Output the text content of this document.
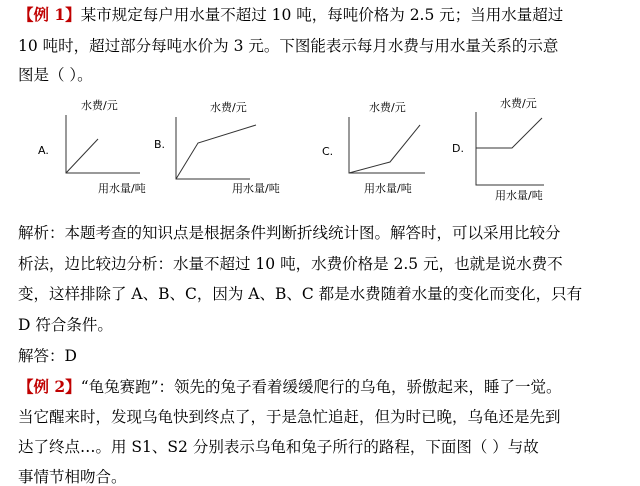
【例 1】某市规定每户用水量不超过 10 吨，每吨价格为 2.5 元；当用水量超过
10 吨时，超过部分每吨水价为 3 元。下图能表示每月水费与用水量关系的示意
图是（ ）。
A.
水费/元
用水量/吨
B.
水费/元
用水量/吨
C.
水费/元
用水量/吨
D.
水费/元
用水量/吨
解析：本题考查的知识点是根据条件判断折线统计图。解答时，可以采用比较分
析法，边比较边分析：水量不超过 10 吨，水费价格是 2.5 元，也就是说水费不
变，这样排除了 A、B、C，因为 A、B、C 都是水费随着水量的变化而变化，只有
D 符合条件。
解答：D
【例 2】“龟兔赛跑”：领先的兔子看着缓缓爬行的乌龟，骄傲起来，睡了一觉。
当它醒来时，发现乌龟快到终点了，于是急忙追赶，但为时已晚，乌龟还是先到
达了终点…。用 S1、S2 分别表示乌龟和兔子所行的路程，下面图（ ）与故
事情节相吻合。
